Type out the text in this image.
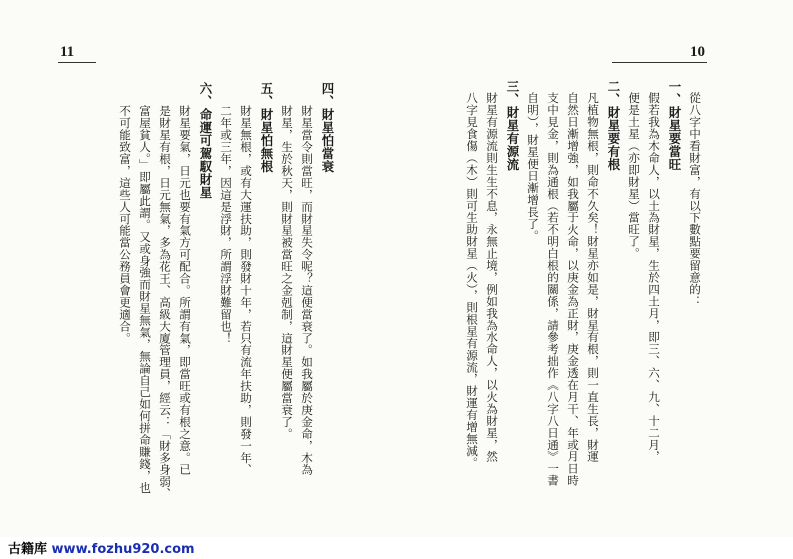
11	10
從八字中看財富，有以下數點要留意的：
一、財星要當旺
假若我為木命人，以土為財星，生於四土月，即三、六、九、十二月，
便是土星（亦即財星）當旺了。
二、財星要有根
凡植物無根，則命不久矣！財星亦如是，財星有根，則一直生長，財運
自然日漸增強，如我屬于火命，以庚金為正財，庚金透在月干、年或月日時
支中見金，則為通根（若不明白根的關係，請參考拙作《八字八日通》一書
自明），財星便日漸增長了。
三、財星有源流
財星有源流則生生不息，永無止境，例如我為水命人，以火為財星，然
八字見食傷（木）則可生助財星（火），則根星有源流，財運有增無減。
四、財星怕當衰
財星當令則當旺，而財星失令呢？這便當衰了。如我屬於庚金命，木為
財星，生於秋天，則財星被當旺之金剋制，這財星便屬當衰了。
五、財星怕無根
財星無根，或有大運扶助，則發財十年，若只有流年扶助，則發一年、
二年或三年，因這是浮財，所謂浮財難留也！
六、命運可駕馭財星
財星要氣，日元也要有氣方可配合。所謂有氣，即當旺或有根之意。已
是財星有根，日元無氣，多為花王、高級大廈管理員，經云：「財多身弱、
富屋貧人。」即屬此謂。又或身強而財星無氣，無論自己如何拼命賺錢，也
不可能致富，這些人可能當公務員會更適合。
古籍库 www.fozhu920.com
